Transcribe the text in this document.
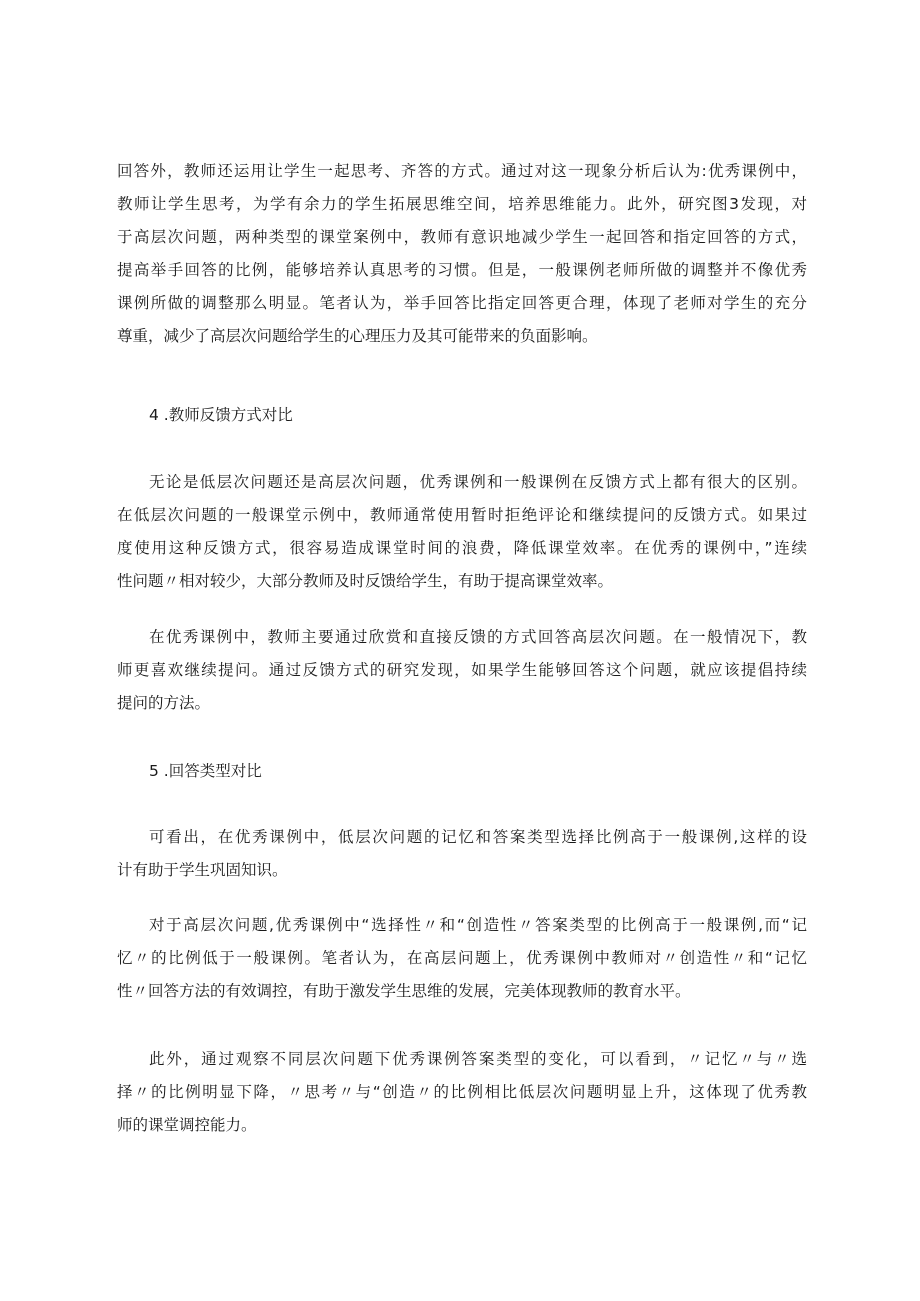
回答外，教师还运用让学生一起思考、齐答的方式。通过对这一现象分析后认为:优秀课例中，
教师让学生思考，为学有余力的学生拓展思维空间，培养思维能力。此外，研究图3发现，对
于高层次问题，两种类型的课堂案例中，教师有意识地减少学生一起回答和指定回答的方式，
提高举手回答的比例，能够培养认真思考的习惯。但是，一般课例老师所做的调整并不像优秀
课例所做的调整那么明显。笔者认为，举手回答比指定回答更合理，体现了老师对学生的充分
尊重，减少了高层次问题给学生的心理压力及其可能带来的负面影响。
4 .教师反馈方式对比
无论是低层次问题还是高层次问题，优秀课例和一般课例在反馈方式上都有很大的区别。
在低层次问题的一般课堂示例中，教师通常使用暂时拒绝评论和继续提问的反馈方式。如果过
度使用这种反馈方式，很容易造成课堂时间的浪费，降低课堂效率。在优秀的课例中，”连续
性问题〃相对较少，大部分教师及时反馈给学生，有助于提高课堂效率。
在优秀课例中，教师主要通过欣赏和直接反馈的方式回答高层次问题。在一般情况下，教
师更喜欢继续提问。通过反馈方式的研究发现，如果学生能够回答这个问题，就应该提倡持续
提问的方法。
5 .回答类型对比
可看出，在优秀课例中，低层次问题的记忆和答案类型选择比例高于一般课例,这样的设
计有助于学生巩固知识。
对于高层次问题,优秀课例中“选择性〃和“创造性〃答案类型的比例高于一般课例,而“记
忆〃的比例低于一般课例。笔者认为，在高层问题上，优秀课例中教师对〃创造性〃和“记忆
性〃回答方法的有效调控，有助于激发学生思维的发展，完美体现教师的教育水平。
此外，通过观察不同层次问题下优秀课例答案类型的变化，可以看到，〃记忆〃与〃选
择〃的比例明显下降，〃思考〃与“创造〃的比例相比低层次问题明显上升，这体现了优秀教
师的课堂调控能力。
